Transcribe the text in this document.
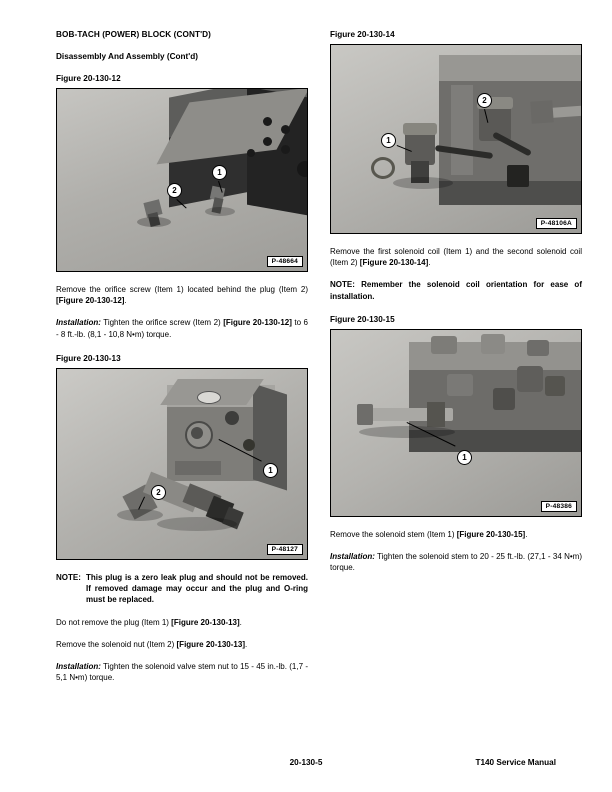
BOB-TACH (POWER) BLOCK (CONT'D)
Disassembly And Assembly (Cont'd)
Figure 20-130-12
1
2
P-48664

Remove the orifice screw (Item 1) located behind the plug (Item 2) [Figure 20-130-12].

Installation: Tighten the orifice screw (Item 2) [Figure 20-130-12] to 6 - 8 ft.-lb. (8,1 - 10,8 N•m) torque.

Figure 20-130-13
1
2
P-48127

NOTE: This plug is a zero leak plug and should not be removed. If removed damage may occur and the plug and O-ring must be replaced.

Do not remove the plug (Item 1) [Figure 20-130-13].

Remove the solenoid nut (Item 2) [Figure 20-130-13].

Installation: Tighten the solenoid valve stem nut to 15 - 45 in.-lb. (1,7 - 5,1 N•m) torque.

Figure 20-130-14
1
2
P-48106A

Remove the first solenoid coil (Item 1) and the second solenoid coil (Item 2) [Figure 20-130-14].

NOTE: Remember the solenoid coil orientation for ease of installation.

Figure 20-130-15
1
P-48386

Remove the solenoid stem (Item 1) [Figure 20-130-15].

Installation: Tighten the solenoid stem to 20 - 25 ft.-lb. (27,1 - 34 N•m) torque.

20-130-5	T140 Service Manual
